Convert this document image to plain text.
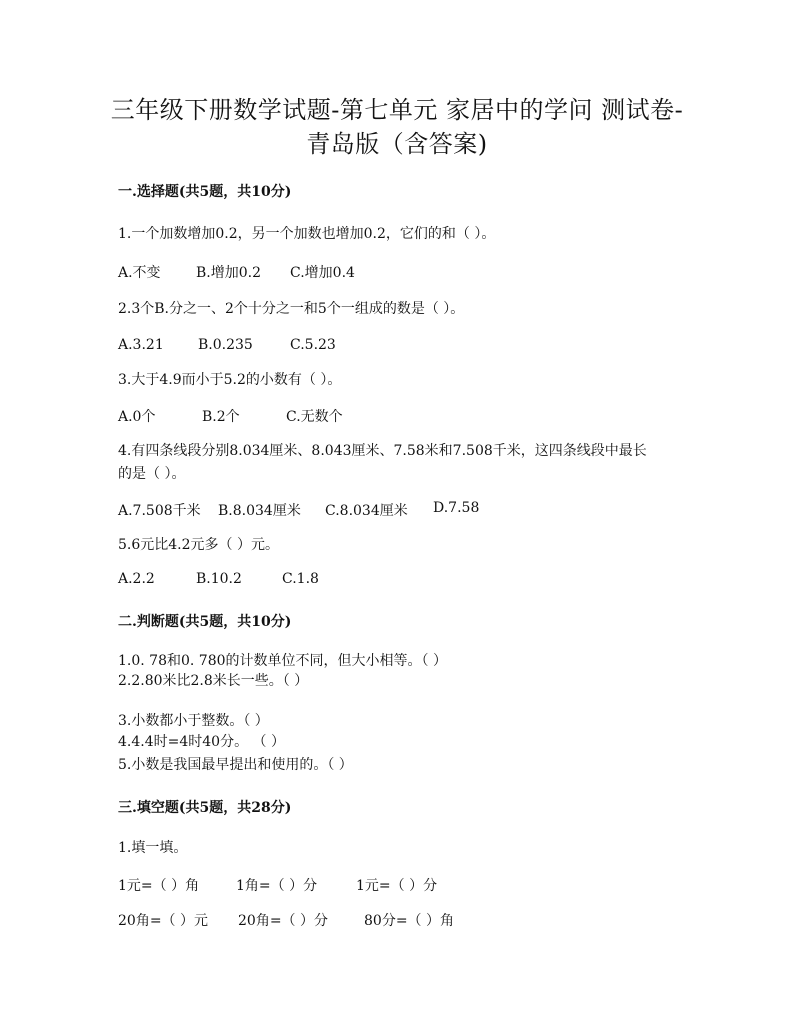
三年级下册数学试题-第七单元 家居中的学问 测试卷-
青岛版（含答案)
一.选择题(共5题，共10分)
1.一个加数增加0.2，另一个加数也增加0.2，它们的和（ ）。
A.不变	B.增加0.2 C.增加0.4
2.3个B.分之一、2个十分之一和5个一组成的数是（ ）。
A.3.21 B.0.235	C.5.23
3.大于4.9而小于5.2的小数有（ ）。
A.0个	B.2个	C.无数个
4.有四条线段分别8.034厘米、8.043厘米、7.58米和7.508千米，这四条线段中最长
的是（ ）。
A.7.508千米 B.8.034厘米 C.8.034厘米 D.7.58
5.6元比4.2元多（ ）元。
A.2.2	B.10.2	C.1.8
二.判断题(共5题，共10分)
1.0. 78和0. 780的计数单位不同，但大小相等。（ ）
2.2.80米比2.8米长一些。（ ）
3.小数都小于整数。（ ）
4.4.4时=4时40分。 （ ）
5.小数是我国最早提出和使用的。（ ）
三.填空题(共5题，共28分)
1.填一填。
1元=（ ）角	1角=（ ）分	1元=（ ）分
20角=（ ）元 20角=（ ）分	80分=（ ）角
